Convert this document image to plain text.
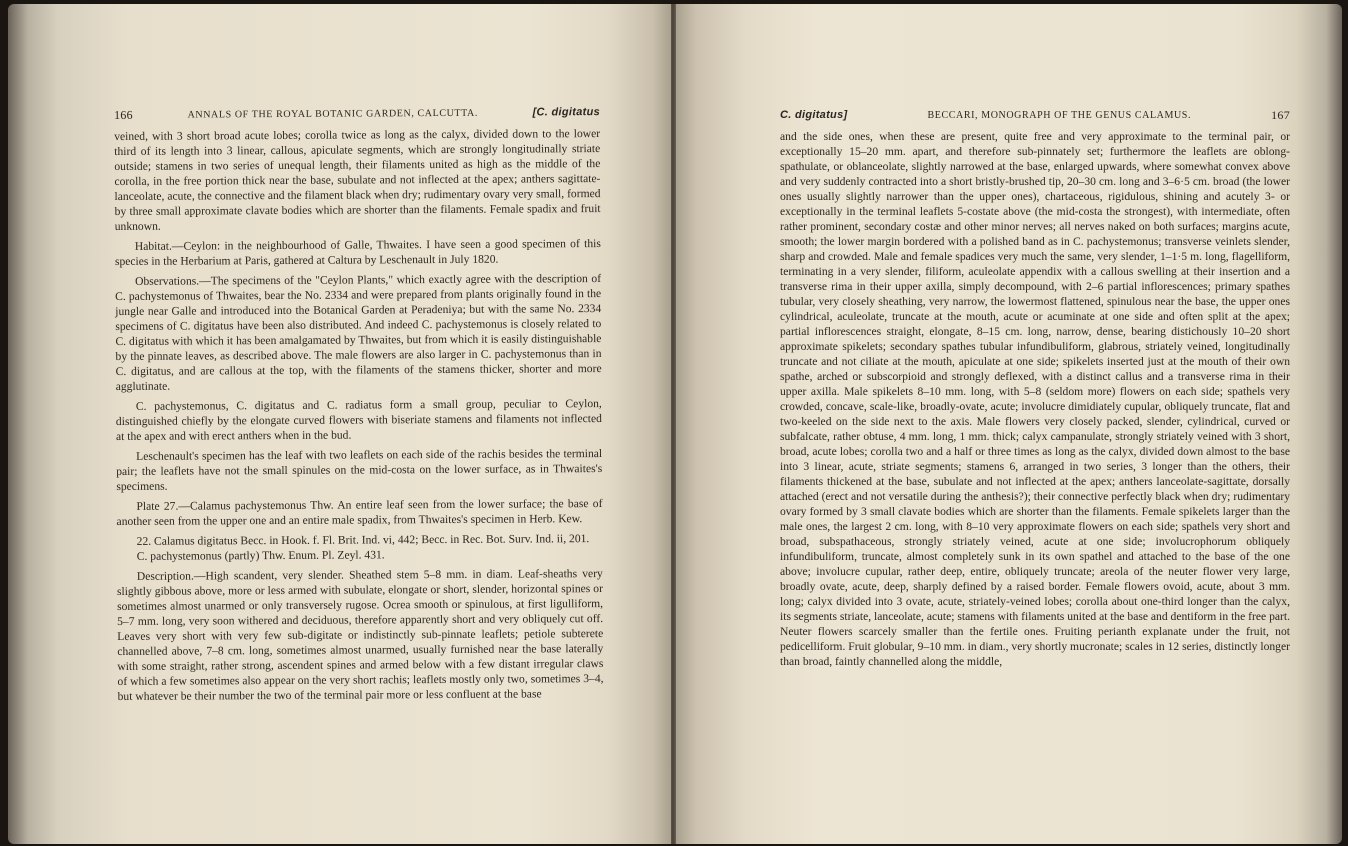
166	ANNALS OF THE ROYAL BOTANIC GARDEN, CALCUTTA.	[C. digitatus

veined, with 3 short broad acute lobes; corolla twice as long as the calyx, divided down to the lower third of its length into 3 linear, callous, apiculate segments, which are strongly longitudinally striate outside; stamens in two series of unequal length, their filaments united as high as the middle of the corolla, in the free portion thick near the base, subulate and not inflected at the apex; anthers sagittate-lanceolate, acute, the connective and the filament black when dry; rudimentary ovary very small, formed by three small approximate clavate bodies which are shorter than the filaments. Female spadix and fruit unknown.

Habitat.—Ceylon: in the neighbourhood of Galle, Thwaites. I have seen a good specimen of this species in the Herbarium at Paris, gathered at Caltura by Leschenault in July 1820.

Observations.—The specimens of the "Ceylon Plants," which exactly agree with the description of C. pachystemonus of Thwaites, bear the No. 2334 and were prepared from plants originally found in the jungle near Galle and introduced into the Botanical Garden at Peradeniya; but with the same No. 2334 specimens of C. digitatus have been also distributed. And indeed C. pachystemonus is closely related to C. digitatus with which it has been amalgamated by Thwaites, but from which it is easily distinguishable by the pinnate leaves, as described above. The male flowers are also larger in C. pachystemonus than in C. digitatus, and are callous at the top, with the filaments of the stamens thicker, shorter and more agglutinate.

C. pachystemonus, C. digitatus and C. radiatus form a small group, peculiar to Ceylon, distinguished chiefly by the elongate curved flowers with biseriate stamens and filaments not inflected at the apex and with erect anthers when in the bud.

Leschenault's specimen has the leaf with two leaflets on each side of the rachis besides the terminal pair; the leaflets have not the small spinules on the mid-costa on the lower surface, as in Thwaites's specimens.

Plate 27.—Calamus pachystemonus Thw. An entire leaf seen from the lower surface; the base of another seen from the upper one and an entire male spadix, from Thwaites's specimen in Herb. Kew.

22. Calamus digitatus Becc. in Hook. f. Fl. Brit. Ind. vi, 442; Becc. in Rec. Bot. Surv. Ind. ii, 201.

C. pachystemonus (partly) Thw. Enum. Pl. Zeyl. 431.

Description.—High scandent, very slender. Sheathed stem 5–8 mm. in diam. Leaf-sheaths very slightly gibbous above, more or less armed with subulate, elongate or short, slender, horizontal spines or sometimes almost unarmed or only transversely rugose. Ocrea smooth or spinulous, at first ligulliform, 5–7 mm. long, very soon withered and deciduous, therefore apparently short and very obliquely cut off. Leaves very short with very few sub-digitate or indistinctly sub-pinnate leaflets; petiole subterete channelled above, 7–8 cm. long, sometimes almost unarmed, usually furnished near the base laterally with some straight, rather strong, ascendent spines and armed below with a few distant irregular claws of which a few sometimes also appear on the very short rachis; leaflets mostly only two, sometimes 3–4, but whatever be their number the two of the terminal pair more or less confluent at the base

C. digitatus]	BECCARI, MONOGRAPH OF THE GENUS CALAMUS.	167

and the side ones, when these are present, quite free and very approximate to the terminal pair, or exceptionally 15–20 mm. apart, and therefore sub-pinnately set; furthermore the leaflets are oblong-spathulate, or oblanceolate, slightly narrowed at the base, enlarged upwards, where somewhat convex above and very suddenly contracted into a short bristly-brushed tip, 20–30 cm. long and 3–6·5 cm. broad (the lower ones usually slightly narrower than the upper ones), chartaceous, rigidulous, shining and acutely 3- or exceptionally in the terminal leaflets 5-costate above (the mid-costa the strongest), with intermediate, often rather prominent, secondary costæ and other minor nerves; all nerves naked on both surfaces; margins acute, smooth; the lower margin bordered with a polished band as in C. pachystemonus; transverse veinlets slender, sharp and crowded. Male and female spadices very much the same, very slender, 1–1·5 m. long, flagelliform, terminating in a very slender, filiform, aculeolate appendix with a callous swelling at their insertion and a transverse rima in their upper axilla, simply decompound, with 2–6 partial inflorescences; primary spathes tubular, very closely sheathing, very narrow, the lowermost flattened, spinulous near the base, the upper ones cylindrical, aculeolate, truncate at the mouth, acute or acuminate at one side and often split at the apex; partial inflorescences straight, elongate, 8–15 cm. long, narrow, dense, bearing distichously 10–20 short approximate spikelets; secondary spathes tubular infundibuliform, glabrous, striately veined, longitudinally truncate and not ciliate at the mouth, apiculate at one side; spikelets inserted just at the mouth of their own spathe, arched or subscorpioid and strongly deflexed, with a distinct callus and a transverse rima in their upper axilla. Male spikelets 8–10 mm. long, with 5–8 (seldom more) flowers on each side; spathels very crowded, concave, scale-like, broadly-ovate, acute; involucre dimidiately cupular, obliquely truncate, flat and two-keeled on the side next to the axis. Male flowers very closely packed, slender, cylindrical, curved or subfalcate, rather obtuse, 4 mm. long, 1 mm. thick; calyx campanulate, strongly striately veined with 3 short, broad, acute lobes; corolla two and a half or three times as long as the calyx, divided down almost to the base into 3 linear, acute, striate segments; stamens 6, arranged in two series, 3 longer than the others, their filaments thickened at the base, subulate and not inflected at the apex; anthers lanceolate-sagittate, dorsally attached (erect and not versatile during the anthesis?); their connective perfectly black when dry; rudimentary ovary formed by 3 small clavate bodies which are shorter than the filaments. Female spikelets larger than the male ones, the largest 2 cm. long, with 8–10 very approximate flowers on each side; spathels very short and broad, subspathaceous, strongly striately veined, acute at one side; involucrophorum obliquely infundibuliform, truncate, almost completely sunk in its own spathel and attached to the base of the one above; involucre cupular, rather deep, entire, obliquely truncate; areola of the neuter flower very large, broadly ovate, acute, deep, sharply defined by a raised border. Female flowers ovoid, acute, about 3 mm. long; calyx divided into 3 ovate, acute, striately-veined lobes; corolla about one-third longer than the calyx, its segments striate, lanceolate, acute; stamens with filaments united at the base and dentiform in the free part. Neuter flowers scarcely smaller than the fertile ones. Fruiting perianth explanate under the fruit, not pedicelliform. Fruit globular, 9–10 mm. in diam., very shortly mucronate; scales in 12 series, distinctly longer than broad, faintly channelled along the middle,
